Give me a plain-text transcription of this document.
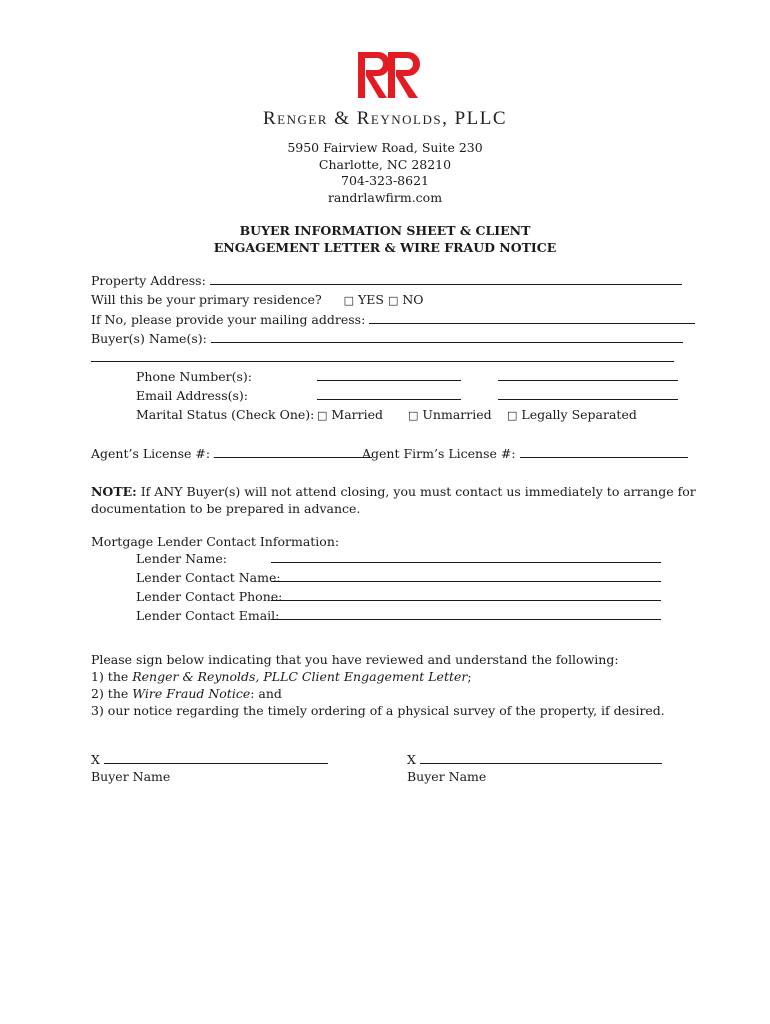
Renger & Reynolds, PLLC
5950 Fairview Road, Suite 230
Charlotte, NC 28210
704-323-8621
randrlawfirm.com
BUYER INFORMATION SHEET & CLIENT
ENGAGEMENT LETTER & WIRE FRAUD NOTICE
Property Address:
Will this be your primary residence? □ YES □ NO
If No, please provide your mailing address:
Buyer(s) Name(s):
Phone Number(s):
Email Address(s):
Marital Status (Check One): □ Married □ Unmarried □ Legally Separated
Agent’s License #:	Agent Firm’s License #:
NOTE: If ANY Buyer(s) will not attend closing, you must contact us immediately to arrange for
documentation to be prepared in advance.
Mortgage Lender Contact Information:
Lender Name:
Lender Contact Name:
Lender Contact Phone:
Lender Contact Email:
Please sign below indicating that you have reviewed and understand the following:
1) the Renger & Reynolds, PLLC Client Engagement Letter;
2) the Wire Fraud Notice: and
3) our notice regarding the timely ordering of a physical survey of the property, if desired.
X
Buyer Name
X
Buyer Name
